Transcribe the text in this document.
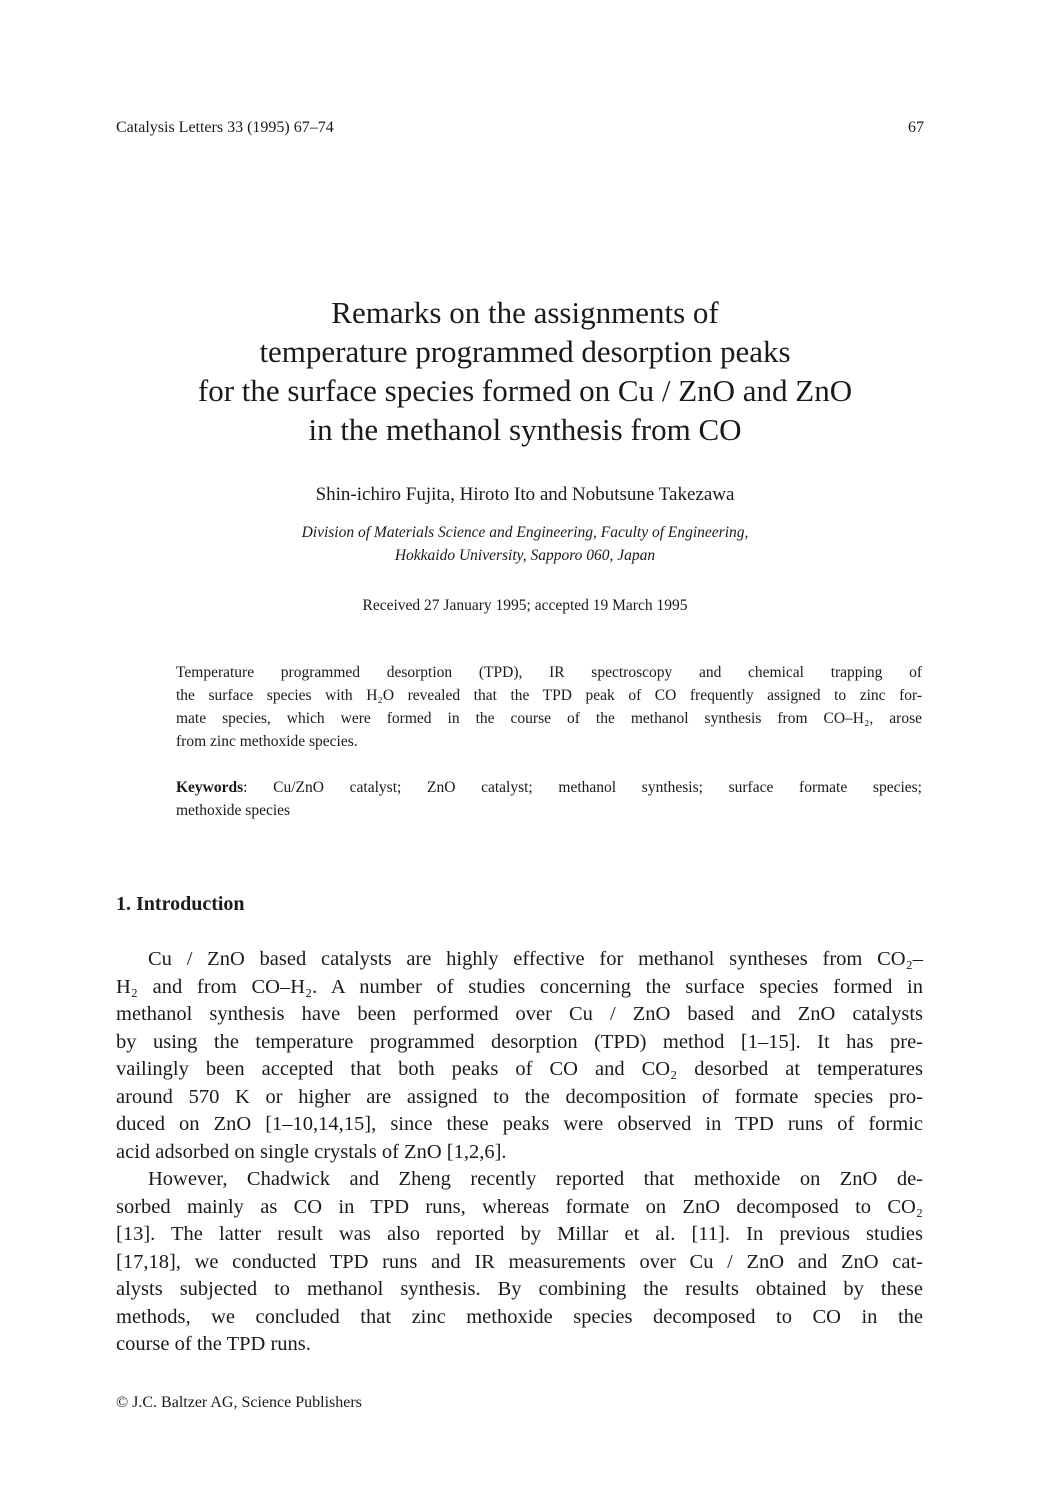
Catalysis Letters 33 (1995) 67–74	67
Remarks on the assignments of
temperature programmed desorption peaks
for the surface species formed on Cu / ZnO and ZnO
in the methanol synthesis from CO
Shin-ichiro Fujita, Hiroto Ito and Nobutsune Takezawa
Division of Materials Science and Engineering, Faculty of Engineering,
Hokkaido University, Sapporo 060, Japan
Received 27 January 1995; accepted 19 March 1995
Temperature programmed desorption (TPD), IR spectroscopy and chemical trapping of
the surface species with H₂O revealed that the TPD peak of CO frequently assigned to zinc for-
mate species, which were formed in the course of the methanol synthesis from CO–H₂, arose
from zinc methoxide species.
Keywords: Cu/ZnO catalyst; ZnO catalyst; methanol synthesis; surface formate species;
methoxide species
1. Introduction
Cu / ZnO based catalysts are highly effective for methanol syntheses from CO₂–
H₂ and from CO–H₂. A number of studies concerning the surface species formed in
methanol synthesis have been performed over Cu / ZnO based and ZnO catalysts
by using the temperature programmed desorption (TPD) method [1–15]. It has pre-
vailingly been accepted that both peaks of CO and CO₂ desorbed at temperatures
around 570 K or higher are assigned to the decomposition of formate species pro-
duced on ZnO [1–10,14,15], since these peaks were observed in TPD runs of formic
acid adsorbed on single crystals of ZnO [1,2,6].
However, Chadwick and Zheng recently reported that methoxide on ZnO de-
sorbed mainly as CO in TPD runs, whereas formate on ZnO decomposed to CO₂
[13]. The latter result was also reported by Millar et al. [11]. In previous studies
[17,18], we conducted TPD runs and IR measurements over Cu / ZnO and ZnO cat-
alysts subjected to methanol synthesis. By combining the results obtained by these
methods, we concluded that zinc methoxide species decomposed to CO in the
course of the TPD runs.
© J.C. Baltzer AG, Science Publishers
